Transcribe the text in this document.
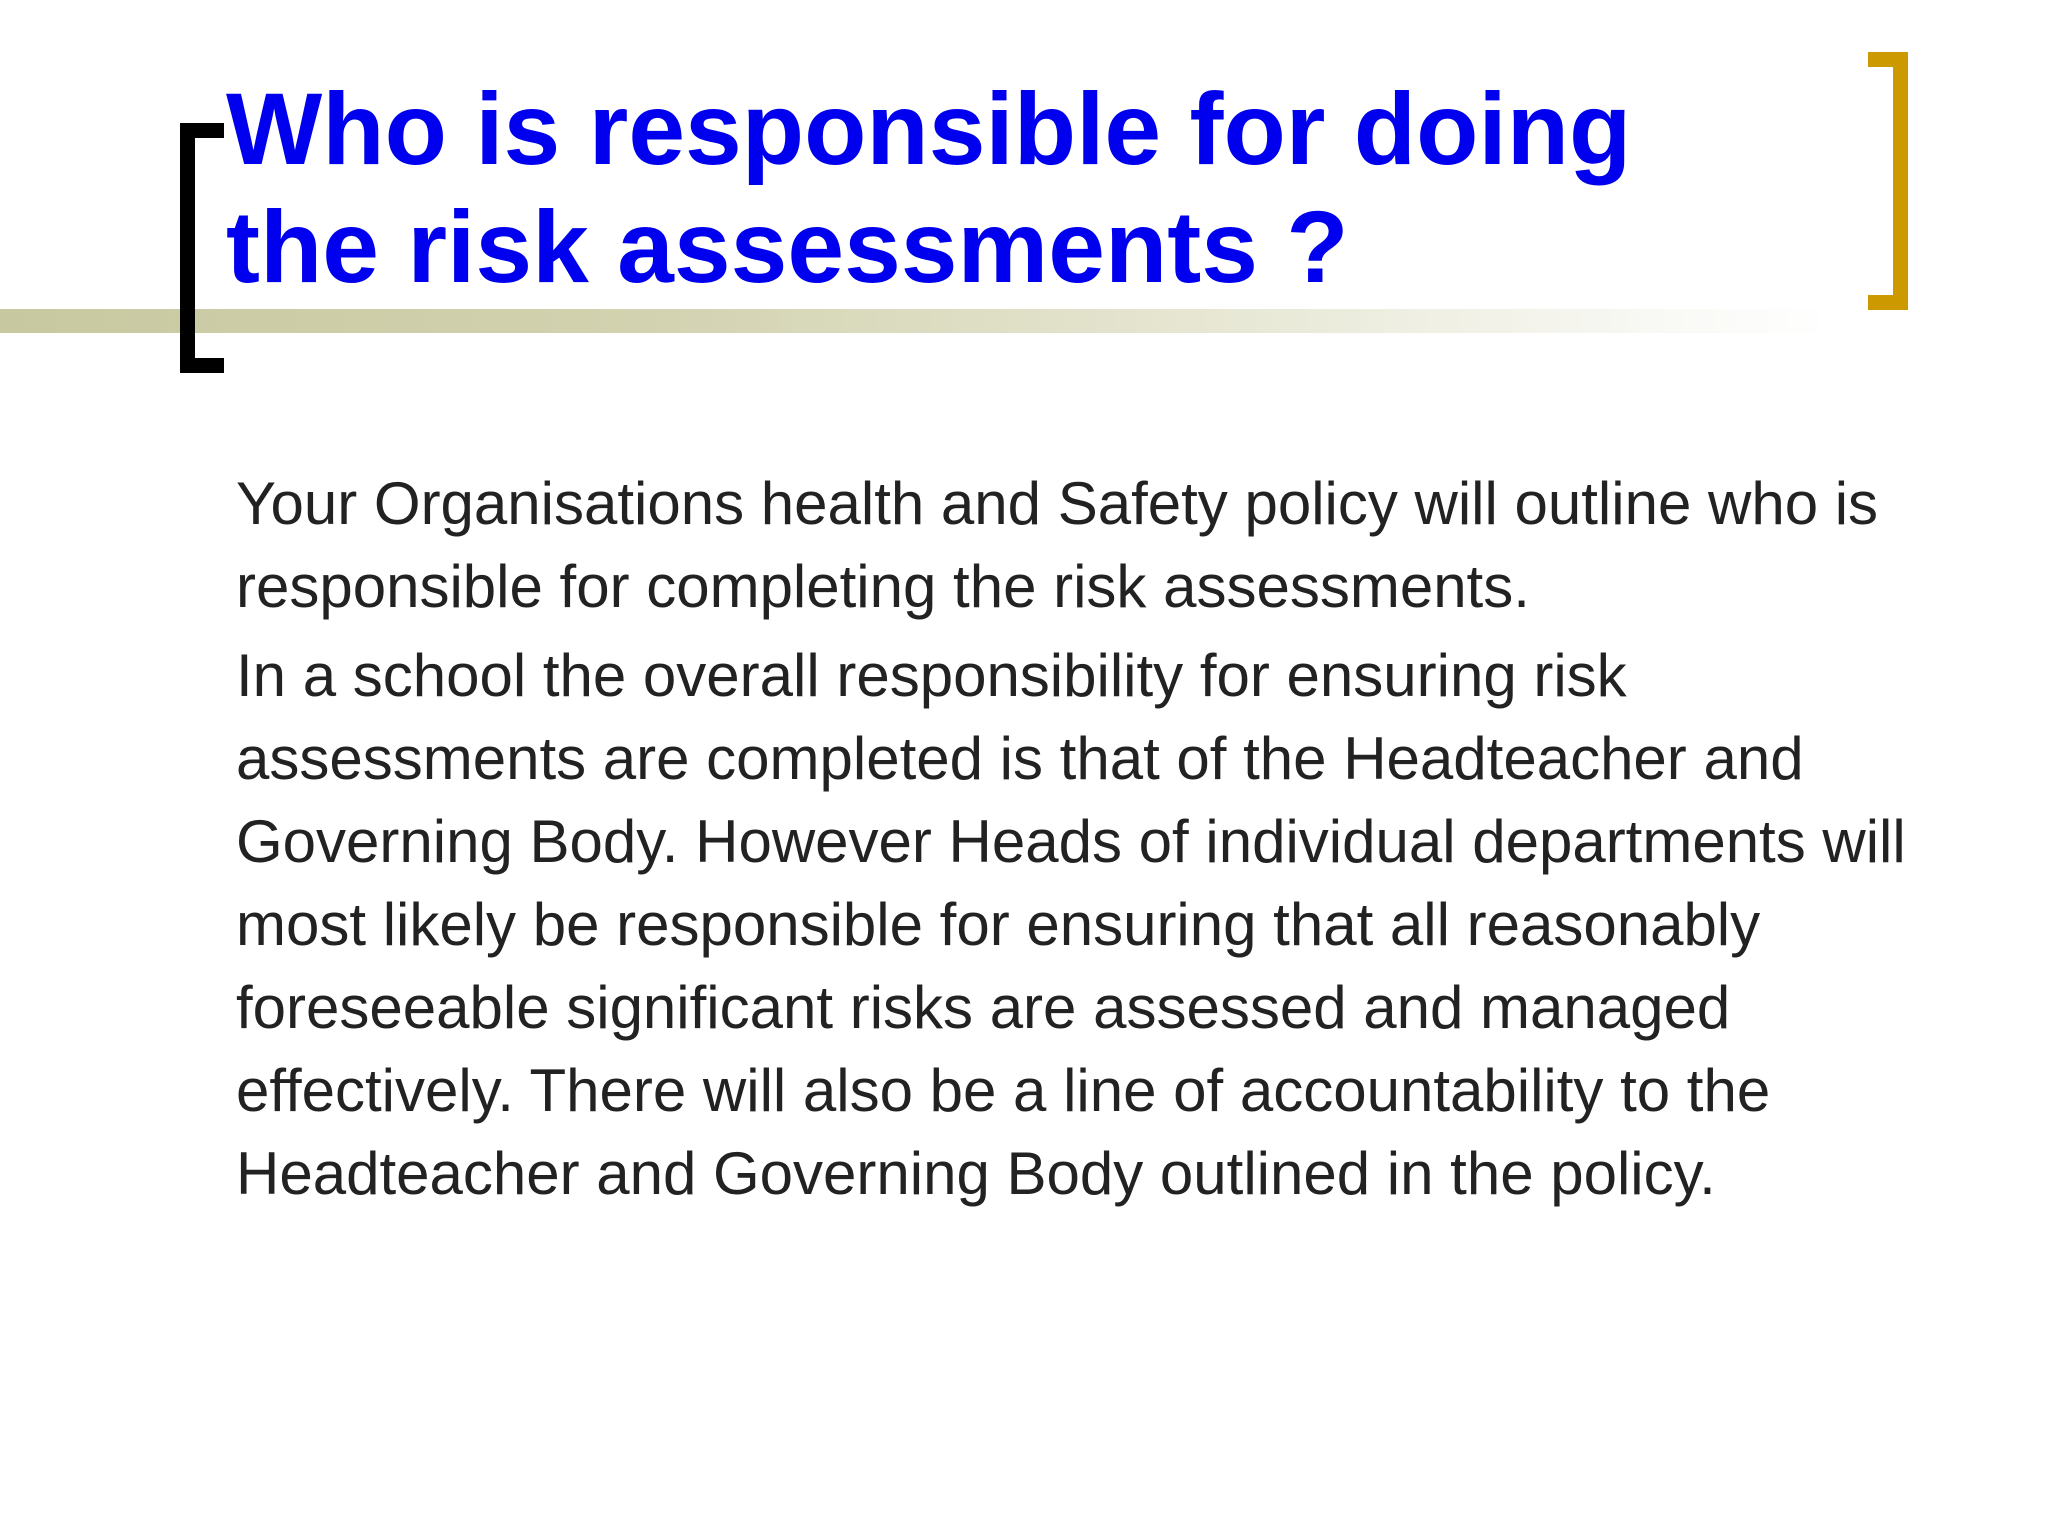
Who is responsible for doing
the risk assessments ?

Your Organisations health and Safety policy will outline who is responsible for completing the risk assessments.

In a school the overall responsibility for ensuring risk assessments are completed is that of the Headteacher and Governing Body. However Heads of individual departments will most likely be responsible for ensuring that all reasonably foreseeable significant risks are assessed and managed effectively. There will also be a line of accountability to the Headteacher and Governing Body outlined in the policy.
